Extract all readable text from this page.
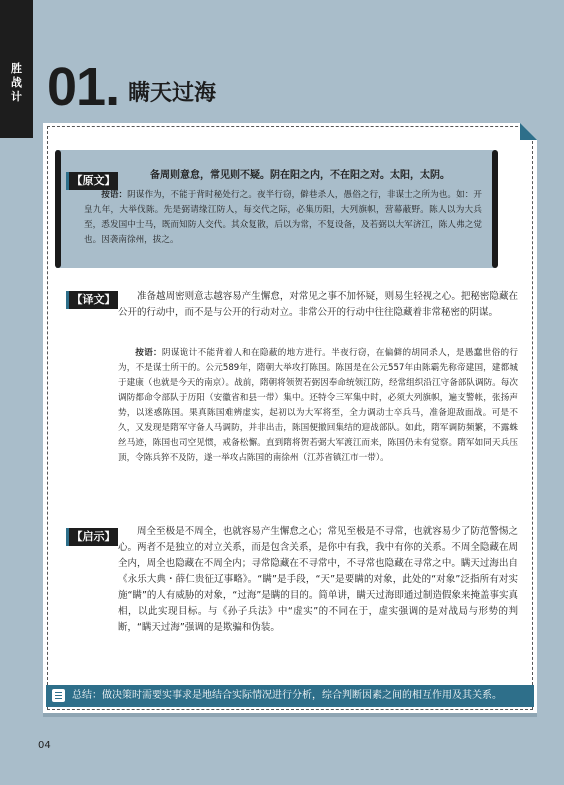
胜
战
计 01. 瞒天过海
【原文】	备周则意怠，常见则不疑。阴在阳之内，不在阳之对。太阳，太阴。
按语：阴谋作为，不能于背时秘处行之。夜半行窃，僻巷杀人，愚俗之行，非谋士之所为也。如：开皇九年，大举伐陈。先是弼请缘江防人，每交代之际，必集历阳，大列旗帜，营幕蔽野。陈人以为大兵至，悉发国中士马，既而知防人交代。其众复散，后以为常，不复设备，及若弼以大军济江，陈人弗之觉也。因袭南徐州，拔之。
【译文】	准备越周密则意志越容易产生懈怠，对常见之事不加怀疑，则易生轻视之心。把秘密隐藏在公开的行动中，而不是与公开的行动对立。非常公开的行动中往往隐藏着非常秘密的阴谋。
按语：阴谋诡计不能背着人和在隐蔽的地方进行。半夜行窃，在偏僻的胡同杀人，是愚蠢世俗的行为，不是谋士所干的。公元589年，隋朝大举攻打陈国。陈国是在公元557年由陈霸先称帝建国，建都城于建康（也就是今天的南京）。战前，隋朝将领贺若弼因奉命统领江防，经常组织沿江守备部队调防。每次调防都命令部队于历阳（安徽省和县一带）集中。还特令三军集中时，必须大列旗帜，遍支警帐，张扬声势，以迷惑陈国。果真陈国难辨虚实，起初以为大军将至，全力调动士卒兵马，准备迎敌面战。可是不久，又发现是隋军守备人马调防，并非出击，陈国便撤回集结的迎战部队。如此，隋军调防频繁，不露蛛丝马迹，陈国也司空见惯，戒备松懈。直到隋将贺若弼大军渡江而来，陈国仍未有觉察。隋军如同天兵压顶，令陈兵猝不及防，遂一举攻占陈国的南徐州（江苏省镇江市一带）。
【启示】	周全至极是不周全，也就容易产生懈怠之心；常见至极是不寻常，也就容易少了防范警惕之心。两者不是独立的对立关系，而是包含关系，是你中有我，我中有你的关系。不周全隐藏在周全内，周全也隐藏在不周全内；寻常隐藏在不寻常中，不寻常也隐藏在寻常之中。瞒天过海出自《永乐大典・薛仁贵征辽事略》。“瞒”是手段，“天”是要瞒的对象，此处的“对象”泛指所有对实施“瞒”的人有威胁的对象，“过海”是瞒的目的。简单讲，瞒天过海即通过制造假象来掩盖事实真相，以此实现目标。与《孙子兵法》中“虚实”的不同在于，虚实强调的是对战局与形势的判断，“瞒天过海”强调的是欺骗和伪装。
总结：做决策时需要实事求是地结合实际情况进行分析，综合判断因素之间的相互作用及其关系。
04
